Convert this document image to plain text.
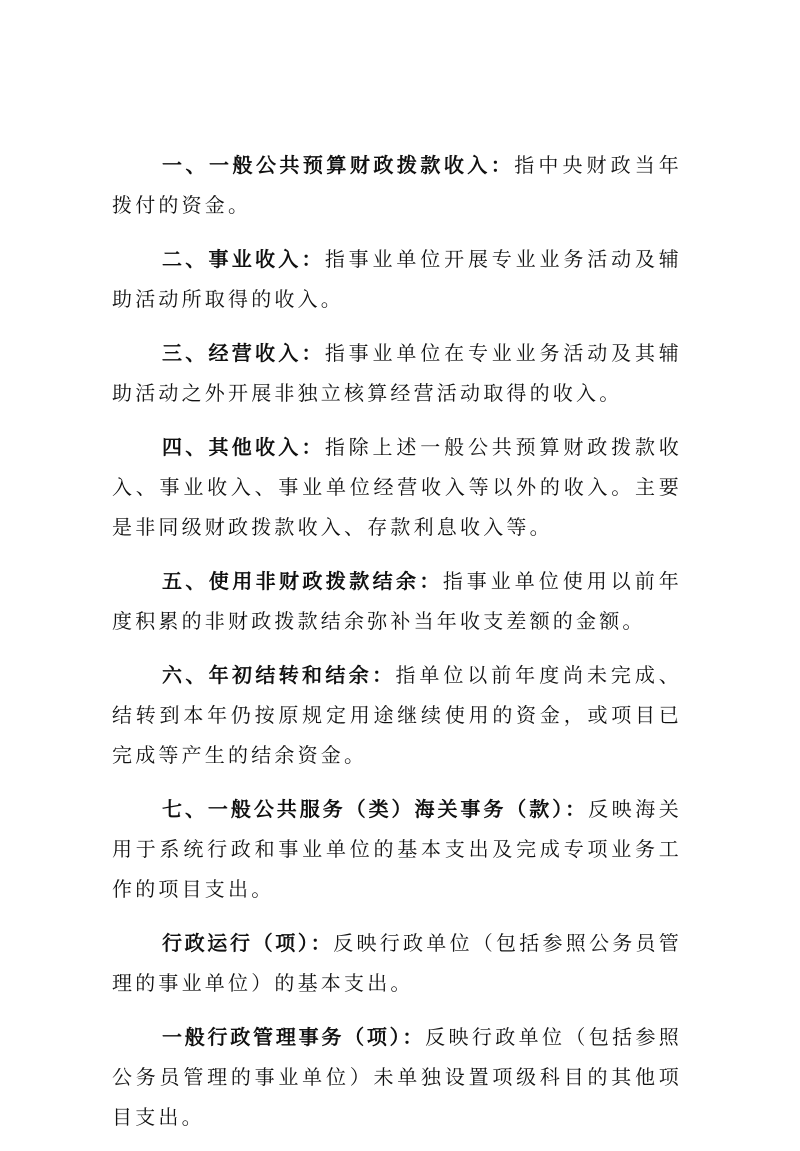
一、一般公共预算财政拨款收入：指中央财政当年拨付的资金。

二、事业收入：指事业单位开展专业业务活动及辅助活动所取得的收入。

三、经营收入：指事业单位在专业业务活动及其辅助活动之外开展非独立核算经营活动取得的收入。

四、其他收入：指除上述一般公共预算财政拨款收入、事业收入、事业单位经营收入等以外的收入。主要是非同级财政拨款收入、存款利息收入等。

五、使用非财政拨款结余：指事业单位使用以前年度积累的非财政拨款结余弥补当年收支差额的金额。

六、年初结转和结余：指单位以前年度尚未完成、结转到本年仍按原规定用途继续使用的资金，或项目已完成等产生的结余资金。

七、一般公共服务（类）海关事务（款）：反映海关用于系统行政和事业单位的基本支出及完成专项业务工作的项目支出。

行政运行（项）：反映行政单位（包括参照公务员管理的事业单位）的基本支出。

一般行政管理事务（项）：反映行政单位（包括参照公务员管理的事业单位）未单独设置项级科目的其他项目支出。
